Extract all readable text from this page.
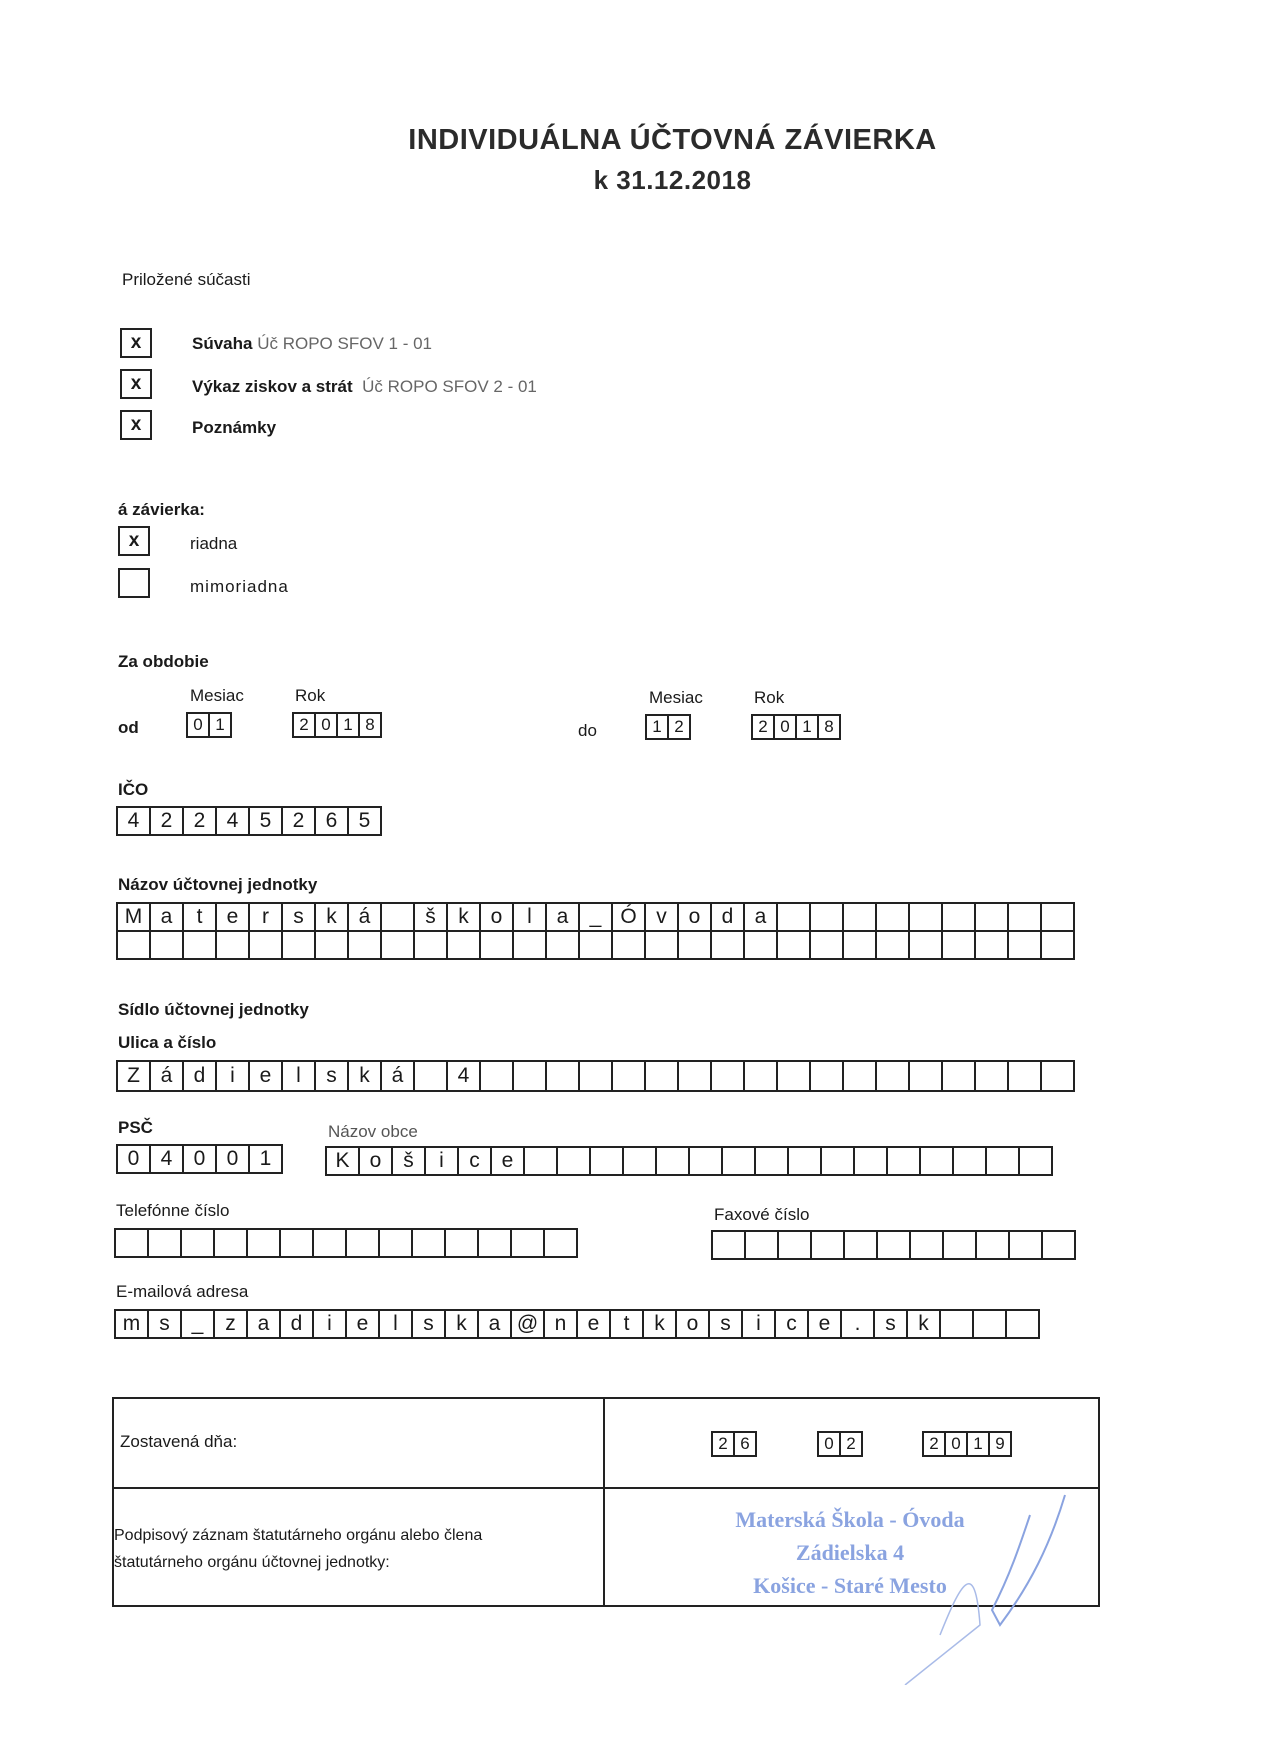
INDIVIDUÁLNA ÚČTOVNÁ ZÁVIERKA
k 31.12.2018
Priložené súčasti
x	Súvaha Úč ROPO SFOV 1 - 01
x	Výkaz ziskov a strát Úč ROPO SFOV 2 - 01
x	Poznámky
á závierka:
x	riadna
mimoriadna
Za obdobie
Mesiac	Rok
od	0 1	2 0 1 8
Mesiac	Rok
do	1 2	2 0 1 8
IČO
4	2	2	4	5	2	6	5
Názov účtovnej jednotky
M a	t	e	r	s	k	á	š	k	o	l	a	_ Ó v	o	d	a
Sídlo účtovnej jednotky
Ulica a číslo
Z á	d	i	e	l	s	k	á	4
PSČ
0	4	0	0	1
Názov obce
K o	š	i	c	e
Telefónne číslo	Faxové číslo
E-mailová adresa
m s	_	z	a	d	i	e	l	s	k	a @ n	e	t	k	o	s	i	c	e	.	s	k
Zostavená dňa:	2 6	0 2	2 0 1 9
Podpisový záznam štatutárneho orgánu alebo člena
štatutárneho orgánu účtovnej jednotky:
Materská Škola - Óvoda
Zádielska 4
Košice - Staré Mesto
